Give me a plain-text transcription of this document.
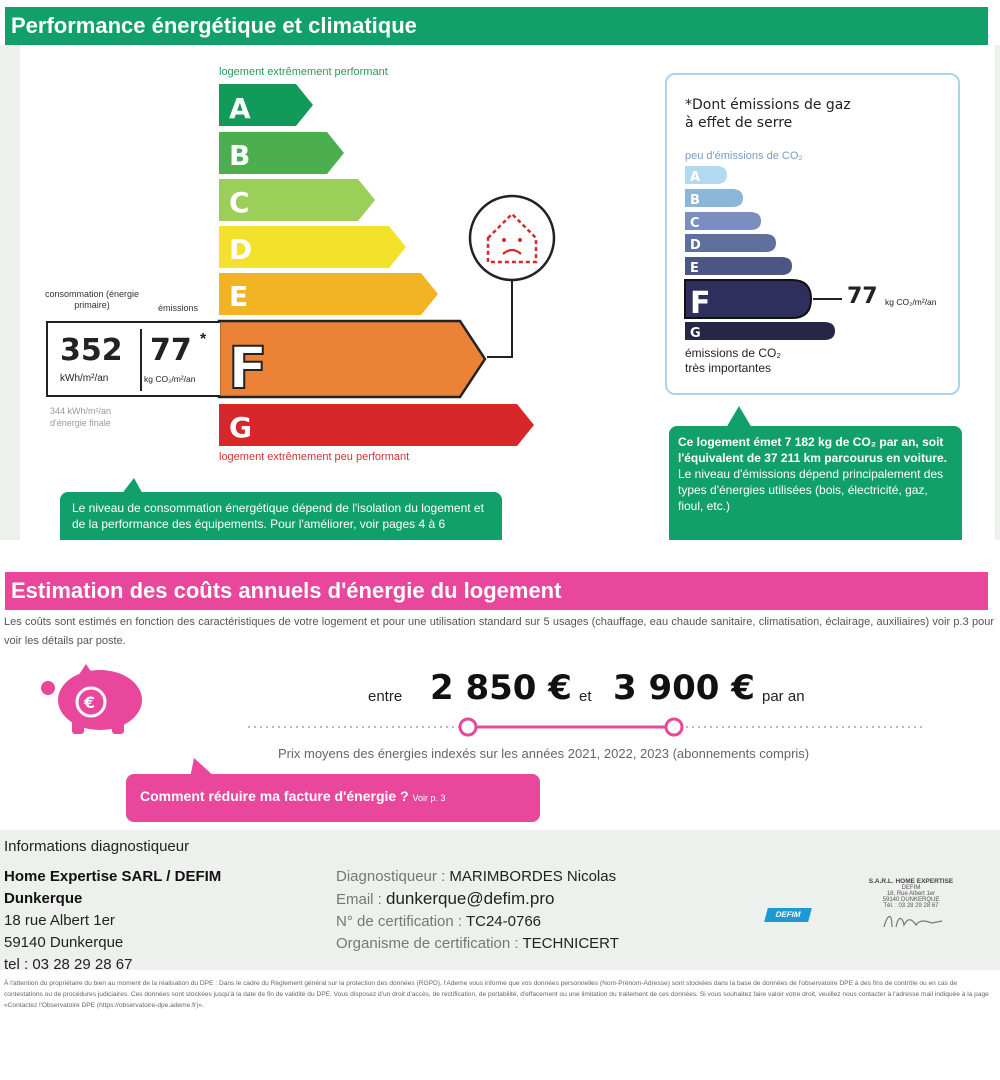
Performance énergétique et climatique
logement extrêmement performant
A
B
C
D
E
F
G
consommation (énergie primaire)	émissions
352
kWh/m²/an
77 *
kg CO₂/m²/an
344 kWh/m²/an d'énergie finale
logement extrêmement peu performant
Le niveau de consommation énergétique dépend de l'isolation du logement et de la performance des équipements. Pour l'améliorer, voir pages 4 à 6
*Dont émissions de gaz
à effet de serre
peu d'émissions de CO₂
A
B
C
D
E
F
G
77 kg CO₂/m²/an
émissions de CO₂
très importantes
Ce logement émet 7 182 kg de CO₂ par an, soit l'équivalent de 37 211 km parcourus en voiture.
Le niveau d'émissions dépend principalement des types d'énergies utilisées (bois, électricité, gaz, fioul, etc.)
Estimation des coûts annuels d'énergie du logement
Les coûts sont estimés en fonction des caractéristiques de votre logement et pour une utilisation standard sur 5 usages (chauffage, eau chaude sanitaire, climatisation, éclairage, auxiliaires) voir p.3 pour voir les détails par poste.
€	entre 2 850 € et 3 900 € par an
Prix moyens des énergies indexés sur les années 2021, 2022, 2023 (abonnements compris)
Comment réduire ma facture d'énergie ? Voir p. 3
Informations diagnostiqueur
Home Expertise SARL / DEFIM
Dunkerque
18 rue Albert 1er
59140 Dunkerque
tel : 03 28 29 28 67
Diagnostiqueur : MARIMBORDES Nicolas
Email : dunkerque@defim.pro
N° de certification : TC24-0766
Organisme de certification : TECHNICERT
DEFIM
S.A.R.L. HOME EXPERTISE
DEFIM
18, Rue Albert 1er
59140 DUNKERQUE
Tél. : 03 28 29 28 67
À l'attention du propriétaire du bien au moment de la réalisation du DPE : Dans le cadre du Règlement général sur la protection des données (RGPD), l'Ademe vous informe que vos données personnelles (Nom-Prénom-Adresse) sont stockées dans la base de données de l'observatoire DPE à des fins de contrôle ou en cas de contestations ou de procédures judiciaires. Ces données sont stockées jusqu'à la date de fin de validité du DPE. Vous disposez d'un droit d'accès, de rectification, de portabilité, d'effacement ou une limitation du traitement de ces données. Si vous souhaitez faire valoir votre droit, veuillez nous contacter à l'adresse mail indiquée à la page «Contactez l'Observatoire DPE (https://observatoire-dpe.ademe.fr)».
